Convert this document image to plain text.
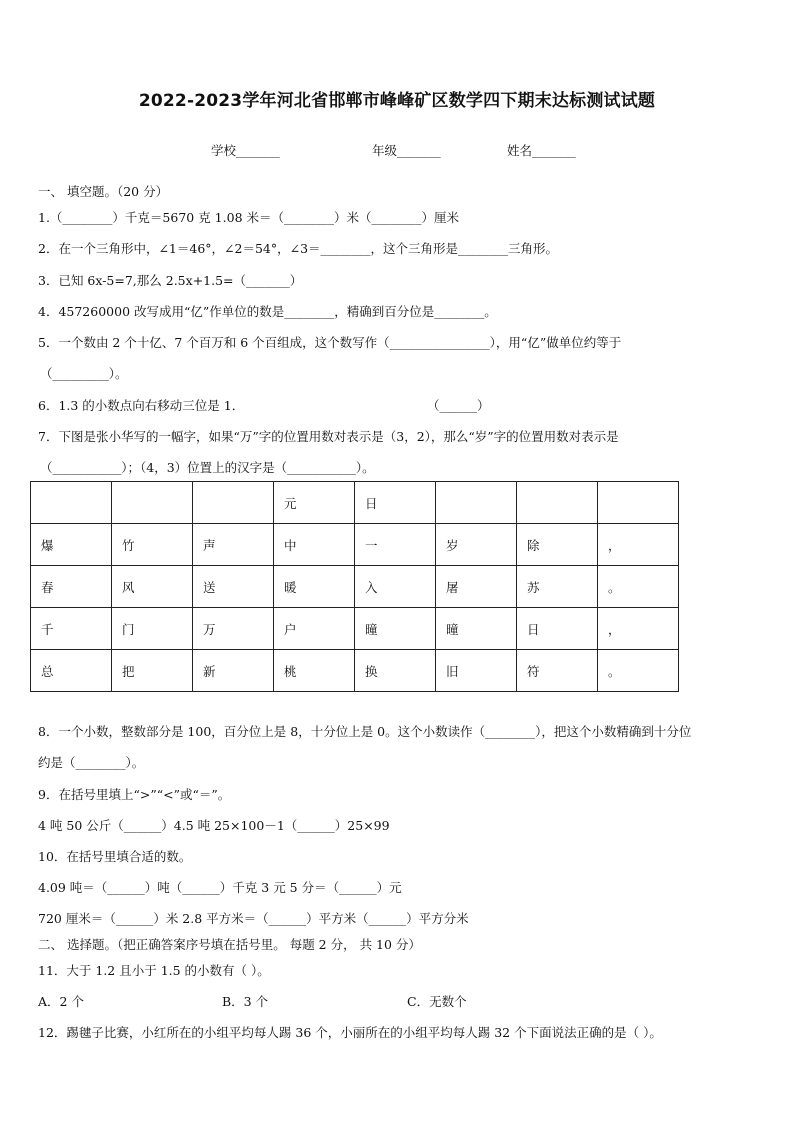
2022-2023学年河北省邯郸市峰峰矿区数学四下期末达标测试试题
学校_______	年级_______	姓名_______
一、 填空题。（20 分）
1.（________）千克＝5670 克 1.08 米＝（________）米（________）厘米
2．在一个三角形中，∠1＝46°，∠2＝54°，∠3＝________，这个三角形是________三角形。
3．已知 6x-5=7,那么 2.5x+1.5=（_______）
4．457260000 改写成用“亿”作单位的数是________，精确到百分位是________。
5．一个数由 2 个十亿、7 个百万和 6 个百组成，这个数写作（________________），用“亿”做单位约等于
（_________）。
6．1.3 的小数点向右移动三位是 1．	（______）
7．下图是张小华写的一幅字，如果“万”字的位置用数对表示是（3，2），那么“岁”字的位置用数对表示是
（___________）；（4，3）位置上的汉字是（___________）。
			元	日			
爆	竹	声	中	一	岁	除	，
春	风	送	暖	入	屠	苏	。
千	门	万	户	曈	曈	日	，
总	把	新	桃	换	旧	符	。
8．一个小数，整数部分是 100，百分位上是 8，十分位上是 0。这个小数读作（________），把这个小数精确到十分位
约是（________）。
9．在括号里填上“>”“<”或“＝”。
4 吨 50 公斤（______）4.5 吨 25×100－1（______）25×99
10．在括号里填合适的数。
4.09 吨＝（______）吨（______）千克 3 元 5 分＝（______）元
720 厘米＝（______）米 2.8 平方米＝（______）平方米（______）平方分米
二、 选择题。（把正确答案序号填在括号里。 每题 2 分， 共 10 分）
11．大于 1.2 且小于 1.5 的小数有（ ）。
A．2 个	B．3 个	C．无数个
12．踢毽子比赛，小红所在的小组平均每人踢 36 个，小丽所在的小组平均每人踢 32 个下面说法正确的是（ ）。
